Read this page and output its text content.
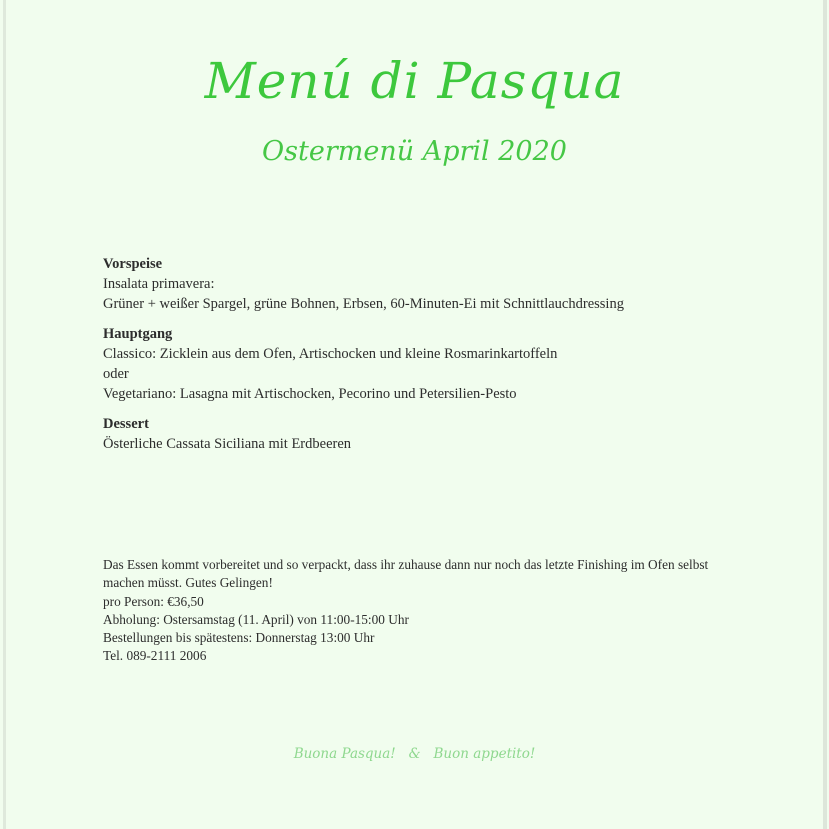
Menú di Pasqua
Ostermenü April 2020
Vorspeise
Insalata primavera:
Grüner + weißer Spargel, grüne Bohnen, Erbsen, 60-Minuten-Ei mit Schnittlauchdressing
Hauptgang
Classico: Zicklein aus dem Ofen, Artischocken und kleine Rosmarinkartoffeln
oder
Vegetariano: Lasagna mit Artischocken, Pecorino und Petersilien-Pesto
Dessert
Österliche Cassata Siciliana mit Erdbeeren
Das Essen kommt vorbereitet und so verpackt, dass ihr zuhause dann nur noch das letzte Finishing im Ofen selbst machen müsst. Gutes Gelingen!
pro Person: €36,50
Abholung: Ostersamstag (11. April) von 11:00-15:00 Uhr
Bestellungen bis spätestens: Donnerstag 13:00 Uhr
Tel. 089-2111 2006
Buona Pasqua! & Buon appetito!
